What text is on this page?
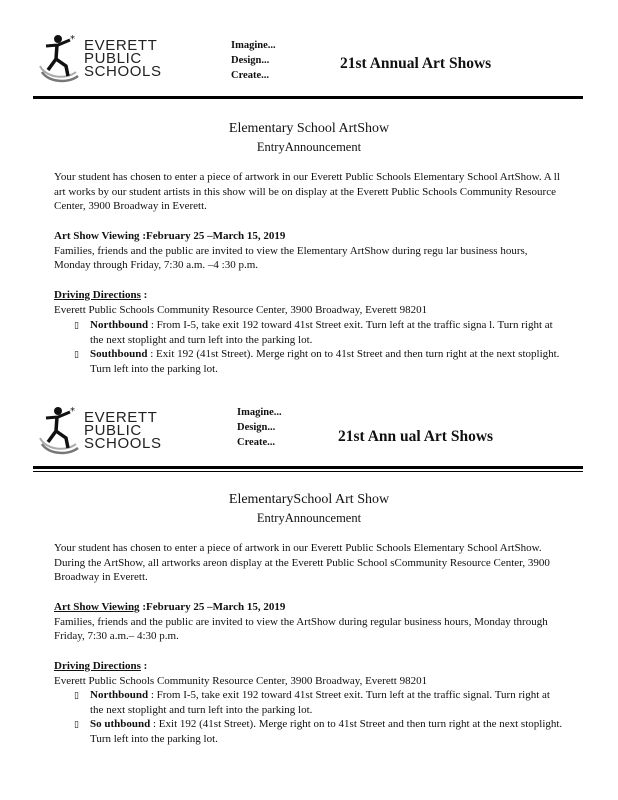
* EVERETT
PUBLIC
SCHOOLS
Imagine...
Design...
Create...
21st Annual Art Shows
Elementary School ArtShow
EntryAnnouncement
Your student has chosen to enter a piece of artwork in our Everett Public Schools Elementary School ArtShow. A ll art works by our student artists in this show will be on display at the Everett Public Schools Community Resource Center, 3900 Broadway in Everett.
Art Show Viewing :February 25 –March 15, 2019
Families, friends and the public are invited to view the Elementary ArtShow during regu lar business hours, Monday through Friday, 7:30 a.m. –4 :30 p.m.
Driving Directions :
Everett Public Schools Community Resource Center, 3900 Broadway, Everett 98201
▯ Northbound : From I-5, take exit 192 toward 41st Street exit. Turn left at the traffic signa l. Turn right at the next stoplight and turn left into the parking lot.
▯ Southbound : Exit 192 (41st Street). Merge right on to 41st Street and then turn right at the next stoplight. Turn left into the parking lot.
* EVERETT
PUBLIC
SCHOOLS
Imagine...
Design...
Create...	21st Ann ual Art Shows
ElementarySchool Art Show
EntryAnnouncement
Your student has chosen to enter a piece of artwork in our Everett Public Schools Elementary School ArtShow. During the ArtShow, all artworks areon display at the Everett Public School sCommunity Resource Center, 3900 Broadway in Everett.
Art Show Viewing :February 25 –March 15, 2019
Families, friends and the public are invited to view the ArtShow during regular business hours, Monday through Friday, 7:30 a.m.– 4:30 p.m.
Driving Directions :
Everett Public Schools Community Resource Center, 3900 Broadway, Everett 98201
▯ Northbound : From I-5, take exit 192 toward 41st Street exit. Turn left at the traffic signal. Turn right at the next stoplight and turn left into the parking lot.
▯ So uthbound : Exit 192 (41st Street). Merge right on to 41st Street and then turn right at the next stoplight. Turn left into the parking lot.
